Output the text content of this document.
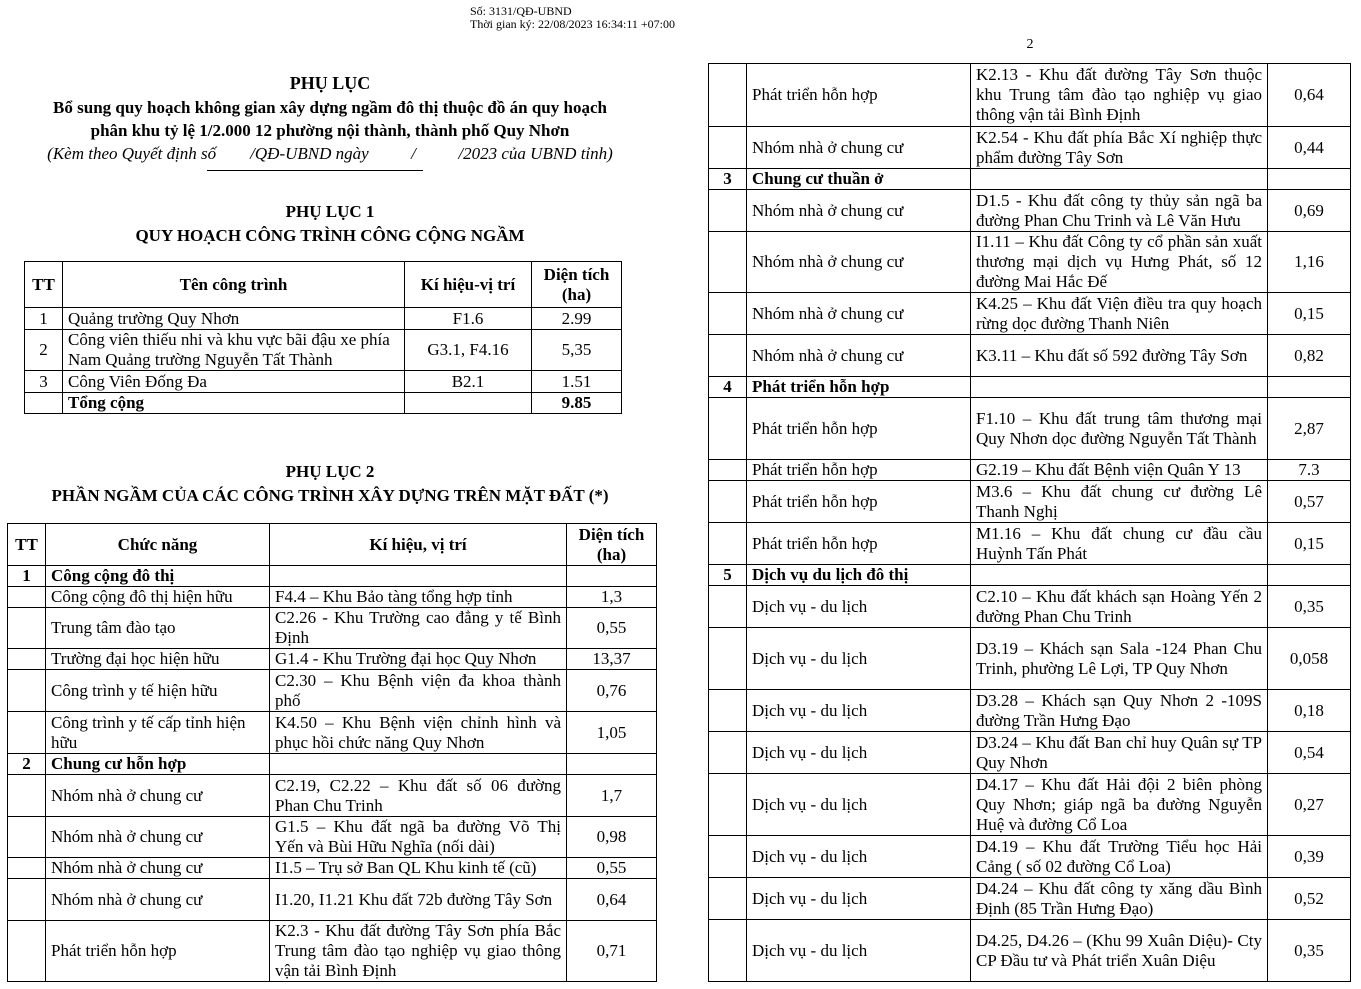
Số: 3131/QĐ-UBND
Thời gian ký: 22/08/2023 16:34:11 +07:00
2
PHỤ LỤC
Bổ sung quy hoạch không gian xây dựng ngầm đô thị thuộc đồ án quy hoạch
phân khu tỷ lệ 1/2.000 12 phường nội thành, thành phố Quy Nhơn
(Kèm theo Quyết định số        /QĐ-UBND ngày          /          /2023 của UBND tỉnh)
PHỤ LỤC 1
QUY HOẠCH CÔNG TRÌNH CÔNG CỘNG NGẦM
TT	Tên công trình	Kí hiệu-vị trí	Diện tích (ha)
1	Quảng trường Quy Nhơn	F1.6	2.99
2	Công viên thiếu nhi và khu vực bãi đậu xe phía Nam Quảng trường Nguyễn Tất Thành	G3.1, F4.16	5,35
3	Công Viên Đống Đa	B2.1	1.51
	Tổng cộng		9.85
PHỤ LỤC 2
PHẦN NGẦM CỦA CÁC CÔNG TRÌNH XÂY DỰNG TRÊN MẶT ĐẤT (*)
TT	Chức năng	Kí hiệu, vị trí	Diện tích (ha)
1	Công cộng đô thị		
	Công cộng đô thị hiện hữu	F4.4 – Khu Bảo tàng tổng hợp tỉnh	1,3
	Trung tâm đào tạo	C2.26 - Khu Trường cao đẳng y tế Bình Định	0,55
	Trường đại học hiện hữu	G1.4 - Khu Trường đại học Quy Nhơn	13,37
	Công trình y tế hiện hữu	C2.30 – Khu Bệnh viện đa khoa thành phố	0,76
	Công trình y tế cấp tỉnh hiện hữu	K4.50 – Khu Bệnh viện chỉnh hình và phục hồi chức năng Quy Nhơn	1,05
2	Chung cư hỗn hợp		
	Nhóm nhà ở chung cư	C2.19, C2.22 – Khu đất số 06 đường Phan Chu Trinh	1,7
	Nhóm nhà ở chung cư	G1.5 – Khu đất ngã ba đường Võ Thị Yến và Bùi Hữu Nghĩa (nối dài)	0,98
	Nhóm nhà ở chung cư	I1.5 – Trụ sở Ban QL Khu kinh tế (cũ)	0,55
	Nhóm nhà ở chung cư	I1.20, I1.21 Khu đất 72b đường Tây Sơn	0,64
	Phát triển hỗn hợp	K2.3 - Khu đất đường Tây Sơn phía Bắc Trung tâm đào tạo nghiệp vụ giao thông vận tải Bình Định	0,71
	Phát triển hỗn hợp	K2.13 - Khu đất đường Tây Sơn thuộc khu Trung tâm đào tạo nghiệp vụ giao thông vận tải Bình Định	0,64
	Nhóm nhà ở chung cư	K2.54 - Khu đất phía Bắc Xí nghiệp thực phẩm đường Tây Sơn	0,44
3	Chung cư thuần ở		
	Nhóm nhà ở chung cư	D1.5 - Khu đất công ty thủy sản ngã ba đường Phan Chu Trinh và Lê Văn Hưu	0,69
	Nhóm nhà ở chung cư	I1.11 – Khu đất Công ty cổ phần sản xuất thương mại dịch vụ Hưng Phát, số 12 đường Mai Hắc Đế	1,16
	Nhóm nhà ở chung cư	K4.25 – Khu đất Viện điều tra quy hoạch rừng dọc đường Thanh Niên	0,15
	Nhóm nhà ở chung cư	K3.11 – Khu đất số 592 đường Tây Sơn	0,82
4	Phát triển hỗn hợp		
	Phát triển hỗn hợp	F1.10 – Khu đất trung tâm thương mại Quy Nhơn dọc đường Nguyễn Tất Thành	2,87
	Phát triển hỗn hợp	G2.19 – Khu đất Bệnh viện Quân Y 13	7.3
	Phát triển hỗn hợp	M3.6 – Khu đất chung cư đường Lê Thanh Nghị	0,57
	Phát triển hỗn hợp	M1.16 – Khu đất chung cư đầu cầu Huỳnh Tấn Phát	0,15
5	Dịch vụ du lịch đô thị		
	Dịch vụ - du lịch	C2.10 – Khu đất khách sạn Hoàng Yến 2 đường Phan Chu Trinh	0,35
	Dịch vụ - du lịch	D3.19 – Khách sạn Sala -124 Phan Chu Trinh, phường Lê Lợi, TP Quy Nhơn	0,058
	Dịch vụ - du lịch	D3.28 – Khách sạn Quy Nhơn 2 -109S đường Trần Hưng Đạo	0,18
	Dịch vụ - du lịch	D3.24 – Khu đất Ban chỉ huy Quân sự TP Quy Nhơn	0,54
	Dịch vụ - du lịch	D4.17 – Khu đất Hải đội 2 biên phòng Quy Nhơn; giáp ngã ba đường Nguyễn Huệ và đường Cổ Loa	0,27
	Dịch vụ - du lịch	D4.19 – Khu đất Trường Tiểu học Hải Cảng ( số 02 đường Cổ Loa)	0,39
	Dịch vụ - du lịch	D4.24 – Khu đất công ty xăng dầu Bình Định (85 Trần Hưng Đạo)	0,52
	Dịch vụ - du lịch	D4.25, D4.26 – (Khu 99 Xuân Diệu)- Cty CP Đầu tư và Phát triển Xuân Diệu	0,35
